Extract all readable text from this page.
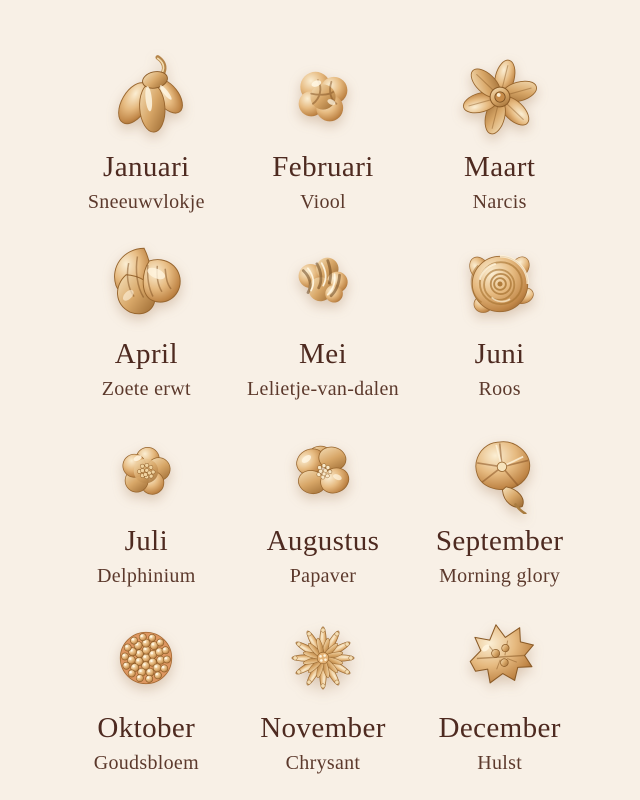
Januari
Sneeuwvlokje
Februari
Viool
Maart
Narcis
April
Zoete erwt
Mei
Lelietje-van-dalen
Juni
Roos
Juli
Delphinium
Augustus
Papaver
September
Morning glory
Oktober
Goudsbloem
November
Chrysant
December
Hulst
